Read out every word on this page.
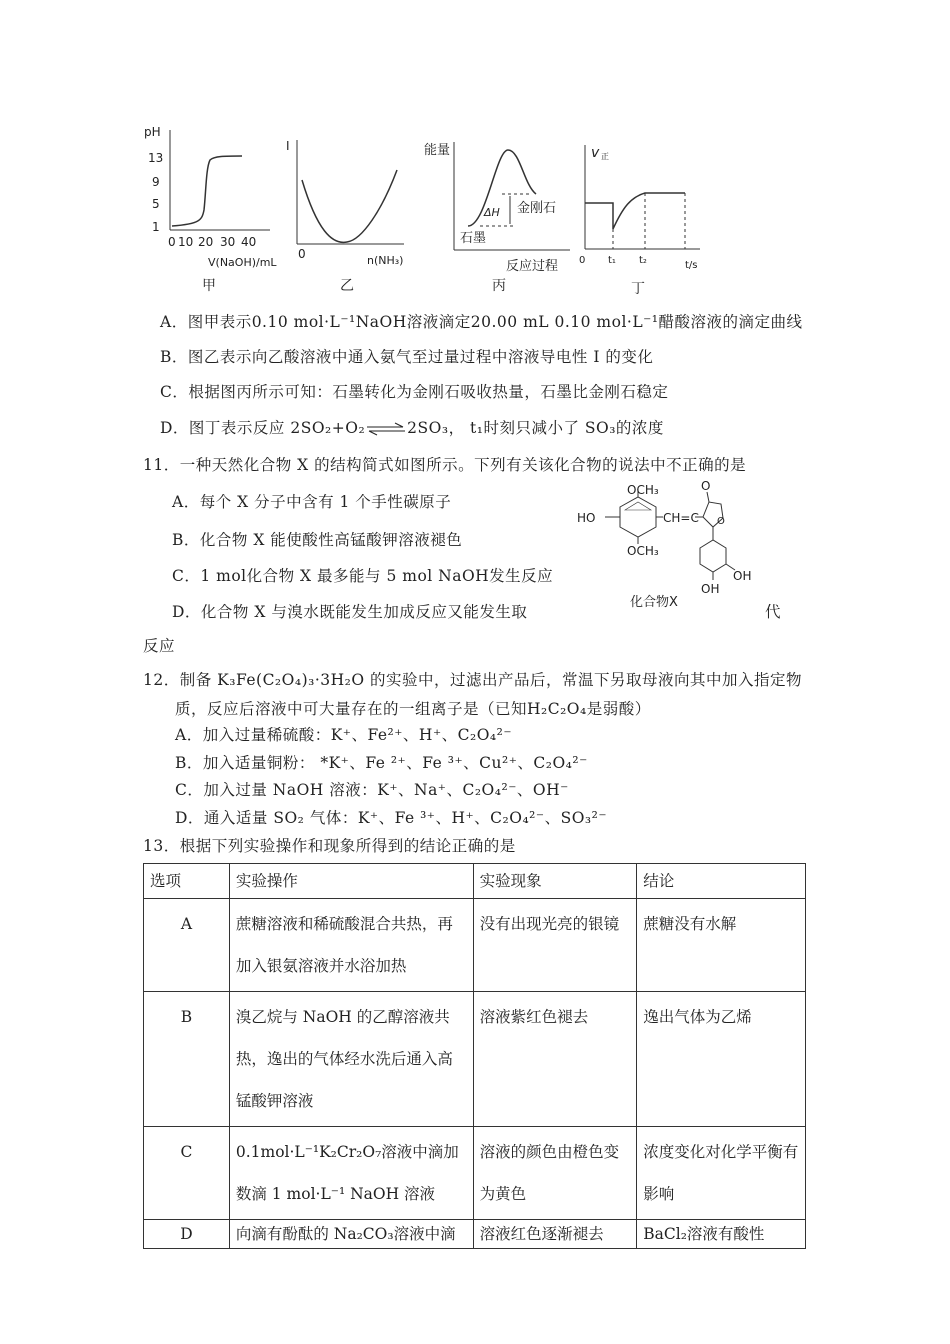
pH
13
9
5
1
0 10 20 30 40
V(NaOH)/mL
甲
I
0	n(NH₃)
乙
能量
ΔH 金刚石
石墨
反应过程
丙
v 正
0 t₁ t₂	t/s
丁
A．图甲表示0.10 mol·L⁻¹NaOH溶液滴定20.00 mL 0.10 mol·L⁻¹醋酸溶液的滴定曲线
B．图乙表示向乙酸溶液中通入氨气至过量过程中溶液导电性 I 的变化
C．根据图丙所示可知：石墨转化为金刚石吸收热量，石墨比金刚石稳定
D．图丁表示反应 2SO₂+O₂⇌2SO₃， t₁时刻只减小了 SO₃的浓度
11．一种天然化合物 X 的结构简式如图所示。下列有关该化合物的说法中不正确的是
A．每个 X 分子中含有 1 个手性碳原子
B．化合物 X 能使酸性高锰酸钾溶液褪色
C．1 mol化合物 X 最多能与 5 mol NaOH发生反应
D．化合物 X 与溴水既能发生加成反应又能发生取	代
反应
OCH₃
OCH₃
HO	CH=C
O
O
OH
OH
化合物X
12．制备 K₃Fe(C₂O₄)₃·3H₂O 的实验中，过滤出产品后，常温下另取母液向其中加入指定物
质，反应后溶液中可大量存在的一组离子是（已知H₂C₂O₄是弱酸）
A．加入过量稀硫酸：K⁺、Fe²⁺、H⁺、C₂O₄²⁻
B．加入适量铜粉： *K⁺、Fe ²⁺、Fe ³⁺、Cu²⁺、C₂O₄²⁻
C．加入过量 NaOH 溶液：K⁺、Na⁺、C₂O₄²⁻、OH⁻
D．通入适量 SO₂ 气体：K⁺、Fe ³⁺、H⁺、C₂O₄²⁻、SO₃²⁻
13．根据下列实验操作和现象所得到的结论正确的是
选项	实验操作	实验现象	结论
A	蔗糖溶液和稀硫酸混合共热，再加入银氨溶液并水浴加热	没有出现光亮的银镜	蔗糖没有水解
B	溴乙烷与 NaOH 的乙醇溶液共热，逸出的气体经水洗后通入高锰酸钾溶液	溶液紫红色褪去	逸出气体为乙烯
C	0.1mol·L⁻¹K₂Cr₂O₇溶液中滴加数滴 1 mol·L⁻¹ NaOH 溶液	溶液的颜色由橙色变为黄色	浓度变化对化学平衡有影响
D	向滴有酚酞的 Na₂CO₃溶液中滴	溶液红色逐渐褪去	BaCl₂溶液有酸性
